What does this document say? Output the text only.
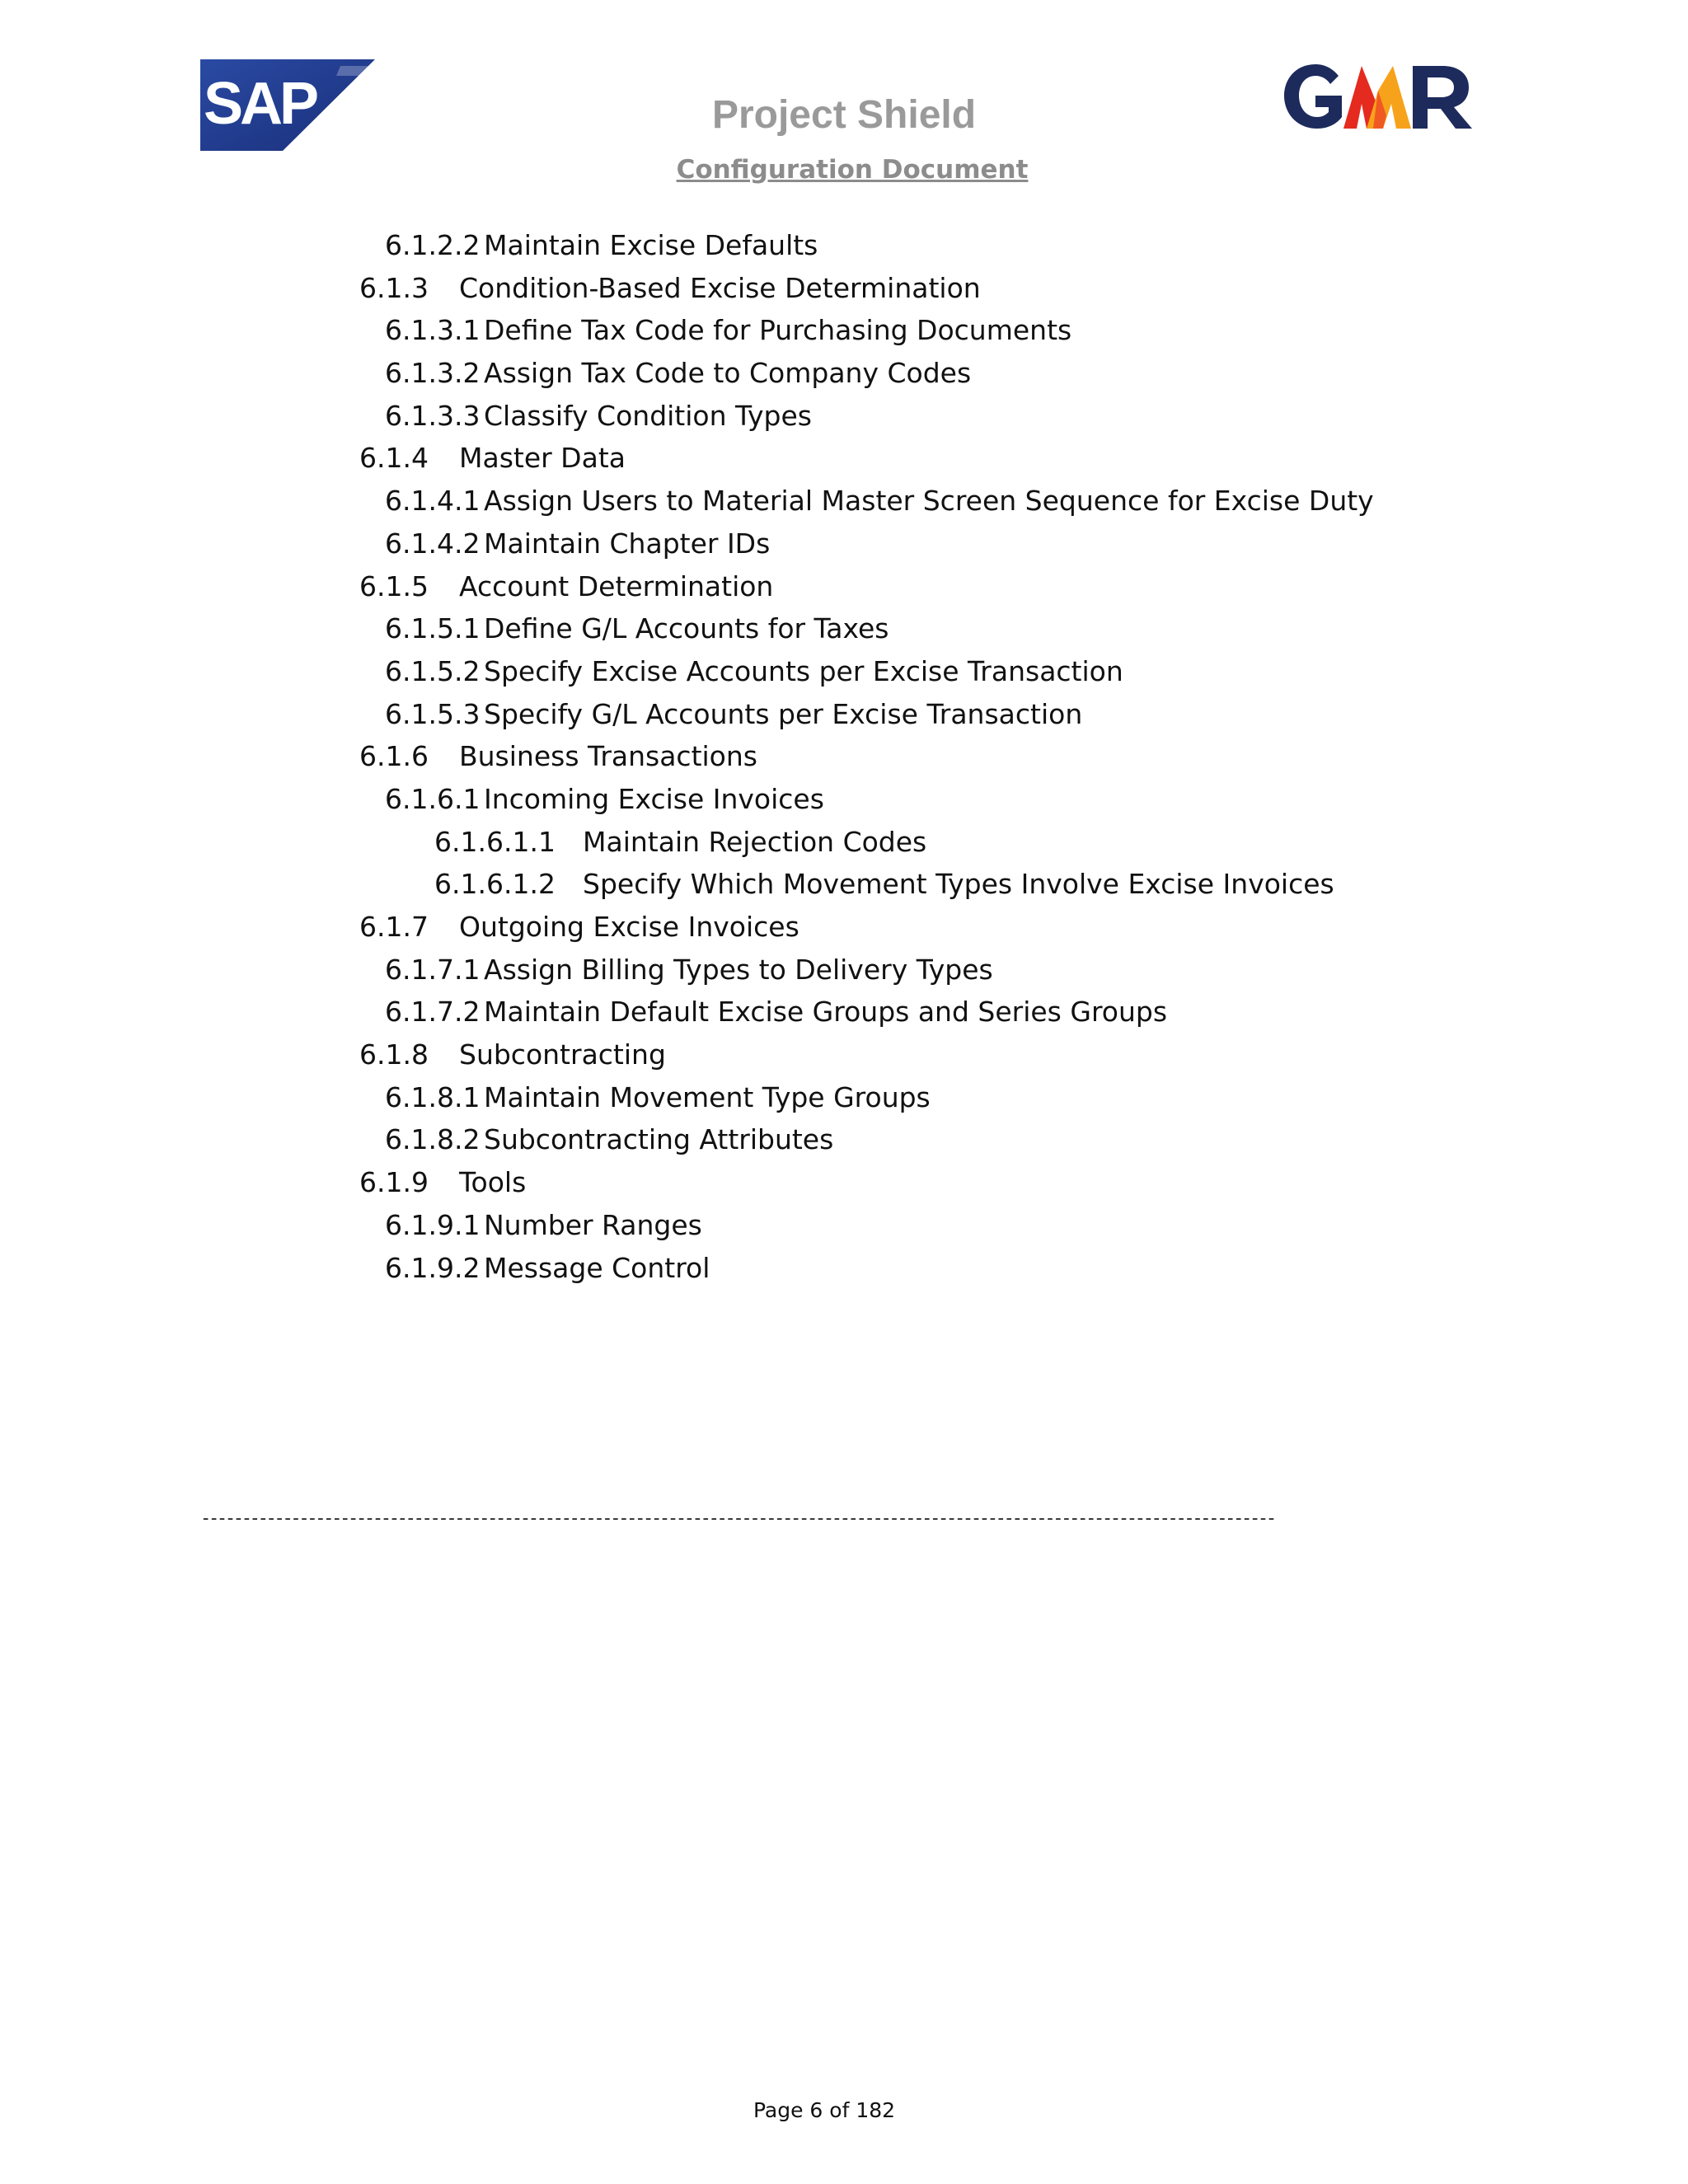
SAP	Project Shield
Configuration Document
6.1.2.2 Maintain Excise Defaults
6.1.3 Condition-Based Excise Determination
6.1.3.1 Define Tax Code for Purchasing Documents
6.1.3.2 Assign Tax Code to Company Codes
6.1.3.3 Classify Condition Types
6.1.4 Master Data
6.1.4.1 Assign Users to Material Master Screen Sequence for Excise Duty
6.1.4.2 Maintain Chapter IDs
6.1.5 Account Determination
6.1.5.1 Define G/L Accounts for Taxes
6.1.5.2 Specify Excise Accounts per Excise Transaction
6.1.5.3 Specify G/L Accounts per Excise Transaction
6.1.6 Business Transactions
6.1.6.1 Incoming Excise Invoices
6.1.6.1.1 Maintain Rejection Codes
6.1.6.1.2 Specify Which Movement Types Involve Excise Invoices
6.1.7 Outgoing Excise Invoices
6.1.7.1 Assign Billing Types to Delivery Types
6.1.7.2 Maintain Default Excise Groups and Series Groups
6.1.8 Subcontracting
6.1.8.1 Maintain Movement Type Groups
6.1.8.2 Subcontracting Attributes
6.1.9 Tools
6.1.9.1 Number Ranges
6.1.9.2 Message Control
-----------------------------------------------------------------------------------------------------------------------------------
Page 6 of 182
